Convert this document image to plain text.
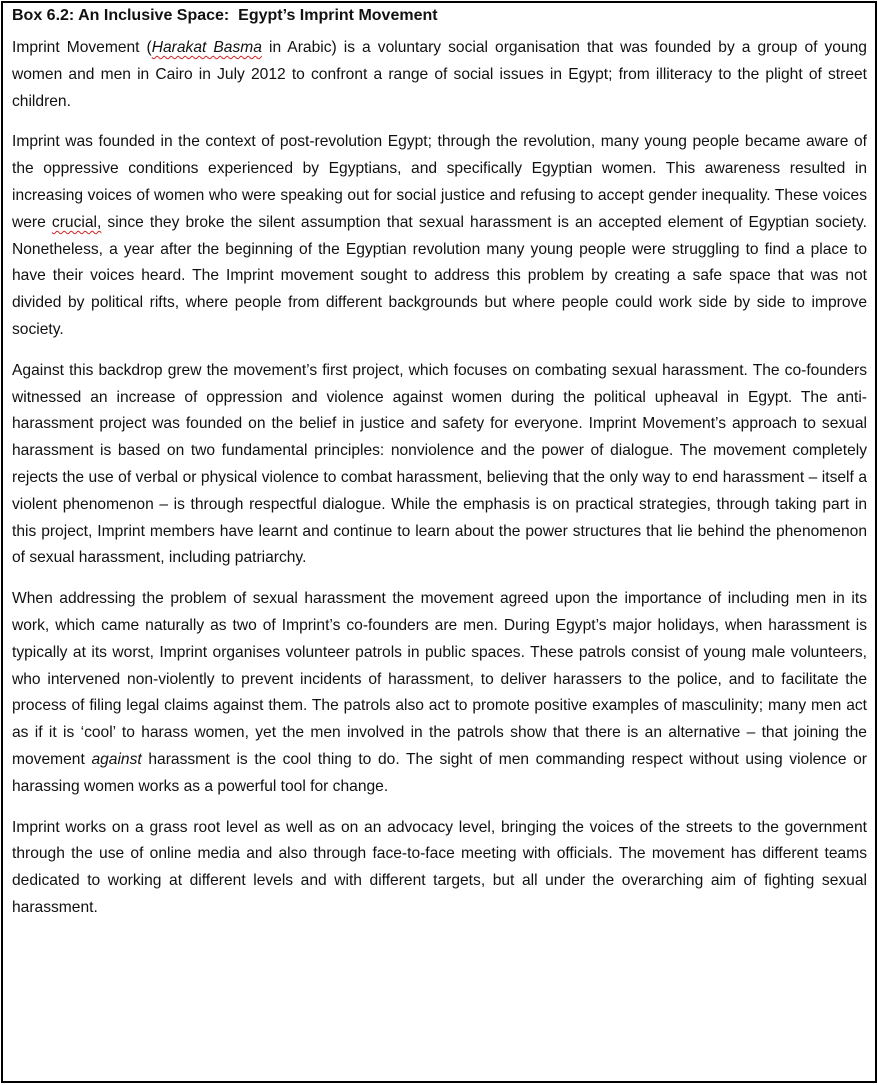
Box 6.2: An Inclusive Space:  Egypt’s Imprint Movement

Imprint Movement (Harakat Basma in Arabic) is a voluntary social organisation that was founded by a group of young women and men in Cairo in July 2012 to confront a range of social issues in Egypt; from illiteracy to the plight of street children.

Imprint was founded in the context of post-revolution Egypt; through the revolution, many young people became aware of the oppressive conditions experienced by Egyptians, and specifically Egyptian women. This awareness resulted in increasing voices of women who were speaking out for social justice and refusing to accept gender inequality. These voices were crucial, since they broke the silent assumption that sexual harassment is an accepted element of Egyptian society. Nonetheless, a year after the beginning of the Egyptian revolution many young people were struggling to find a place to have their voices heard. The Imprint movement sought to address this problem by creating a safe space that was not divided by political rifts, where people from different backgrounds but where people could work side by side to improve society.

Against this backdrop grew the movement’s first project, which focuses on combating sexual harassment. The co-founders witnessed an increase of oppression and violence against women during the political upheaval in Egypt. The anti-harassment project was founded on the belief in justice and safety for everyone. Imprint Movement’s approach to sexual harassment is based on two fundamental principles: nonviolence and the power of dialogue. The movement completely rejects the use of verbal or physical violence to combat harassment, believing that the only way to end harassment – itself a violent phenomenon – is through respectful dialogue. While the emphasis is on practical strategies, through taking part in this project, Imprint members have learnt and continue to learn about the power structures that lie behind the phenomenon of sexual harassment, including patriarchy.

When addressing the problem of sexual harassment the movement agreed upon the importance of including men in its work, which came naturally as two of Imprint’s co-founders are men. During Egypt’s major holidays, when harassment is typically at its worst, Imprint organises volunteer patrols in public spaces. These patrols consist of young male volunteers, who intervened non-violently to prevent incidents of harassment, to deliver harassers to the police, and to facilitate the process of filing legal claims against them. The patrols also act to promote positive examples of masculinity; many men act as if it is ‘cool’ to harass women, yet the men involved in the patrols show that there is an alternative – that joining the movement against harassment is the cool thing to do. The sight of men commanding respect without using violence or harassing women works as a powerful tool for change.

Imprint works on a grass root level as well as on an advocacy level, bringing the voices of the streets to the government through the use of online media and also through face-to-face meeting with officials. The movement has different teams dedicated to working at different levels and with different targets, but all under the overarching aim of fighting sexual harassment.
